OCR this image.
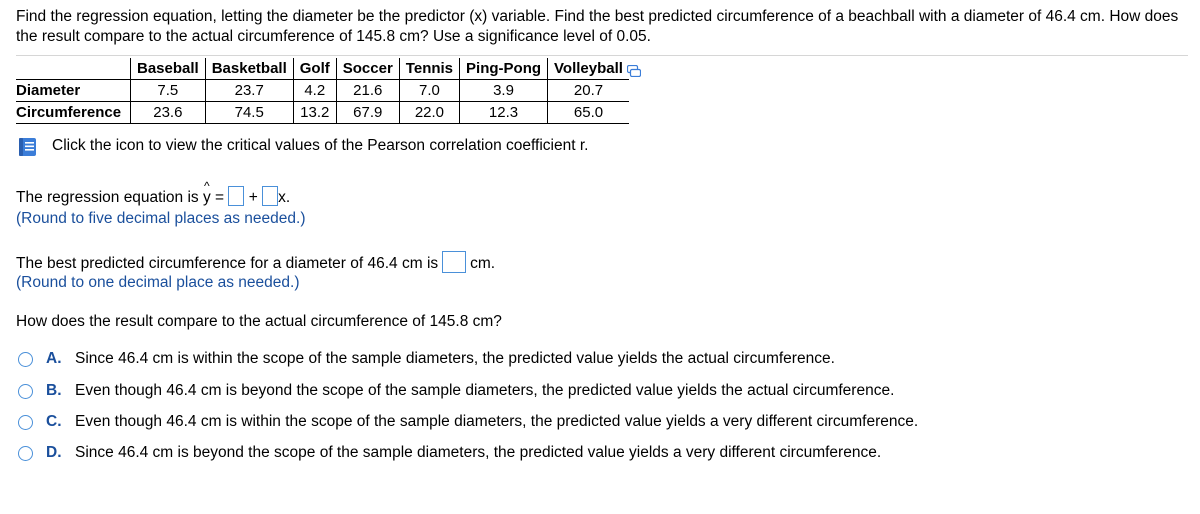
Find the regression equation, letting the diameter be the predictor (x) variable. Find the best predicted circumference of a beachball with a diameter of 46.4 cm. How does the result compare to the actual circumference of 145.8 cm? Use a significance level of 0.05.
	Baseball	Basketball	Golf	Soccer	Tennis	Ping-Pong	Volleyball
Diameter	7.5	23.7	4.2	21.6	7.0	3.9	20.7
Circumference	23.6	74.5	13.2	67.9	22.0	12.3	65.0
Click the icon to view the critical values of the Pearson correlation coefficient r.
The regression equation is
^
y = + x.
(Round to five decimal places as needed.)
The best predicted circumference for a diameter of 46.4 cm is cm.
(Round to one decimal place as needed.)
How does the result compare to the actual circumference of 145.8 cm?
A. Since 46.4 cm is within the scope of the sample diameters, the predicted value yields the actual circumference.
B. Even though 46.4 cm is beyond the scope of the sample diameters, the predicted value yields the actual circumference.
C. Even though 46.4 cm is within the scope of the sample diameters, the predicted value yields a very different circumference.
D. Since 46.4 cm is beyond the scope of the sample diameters, the predicted value yields a very different circumference.
